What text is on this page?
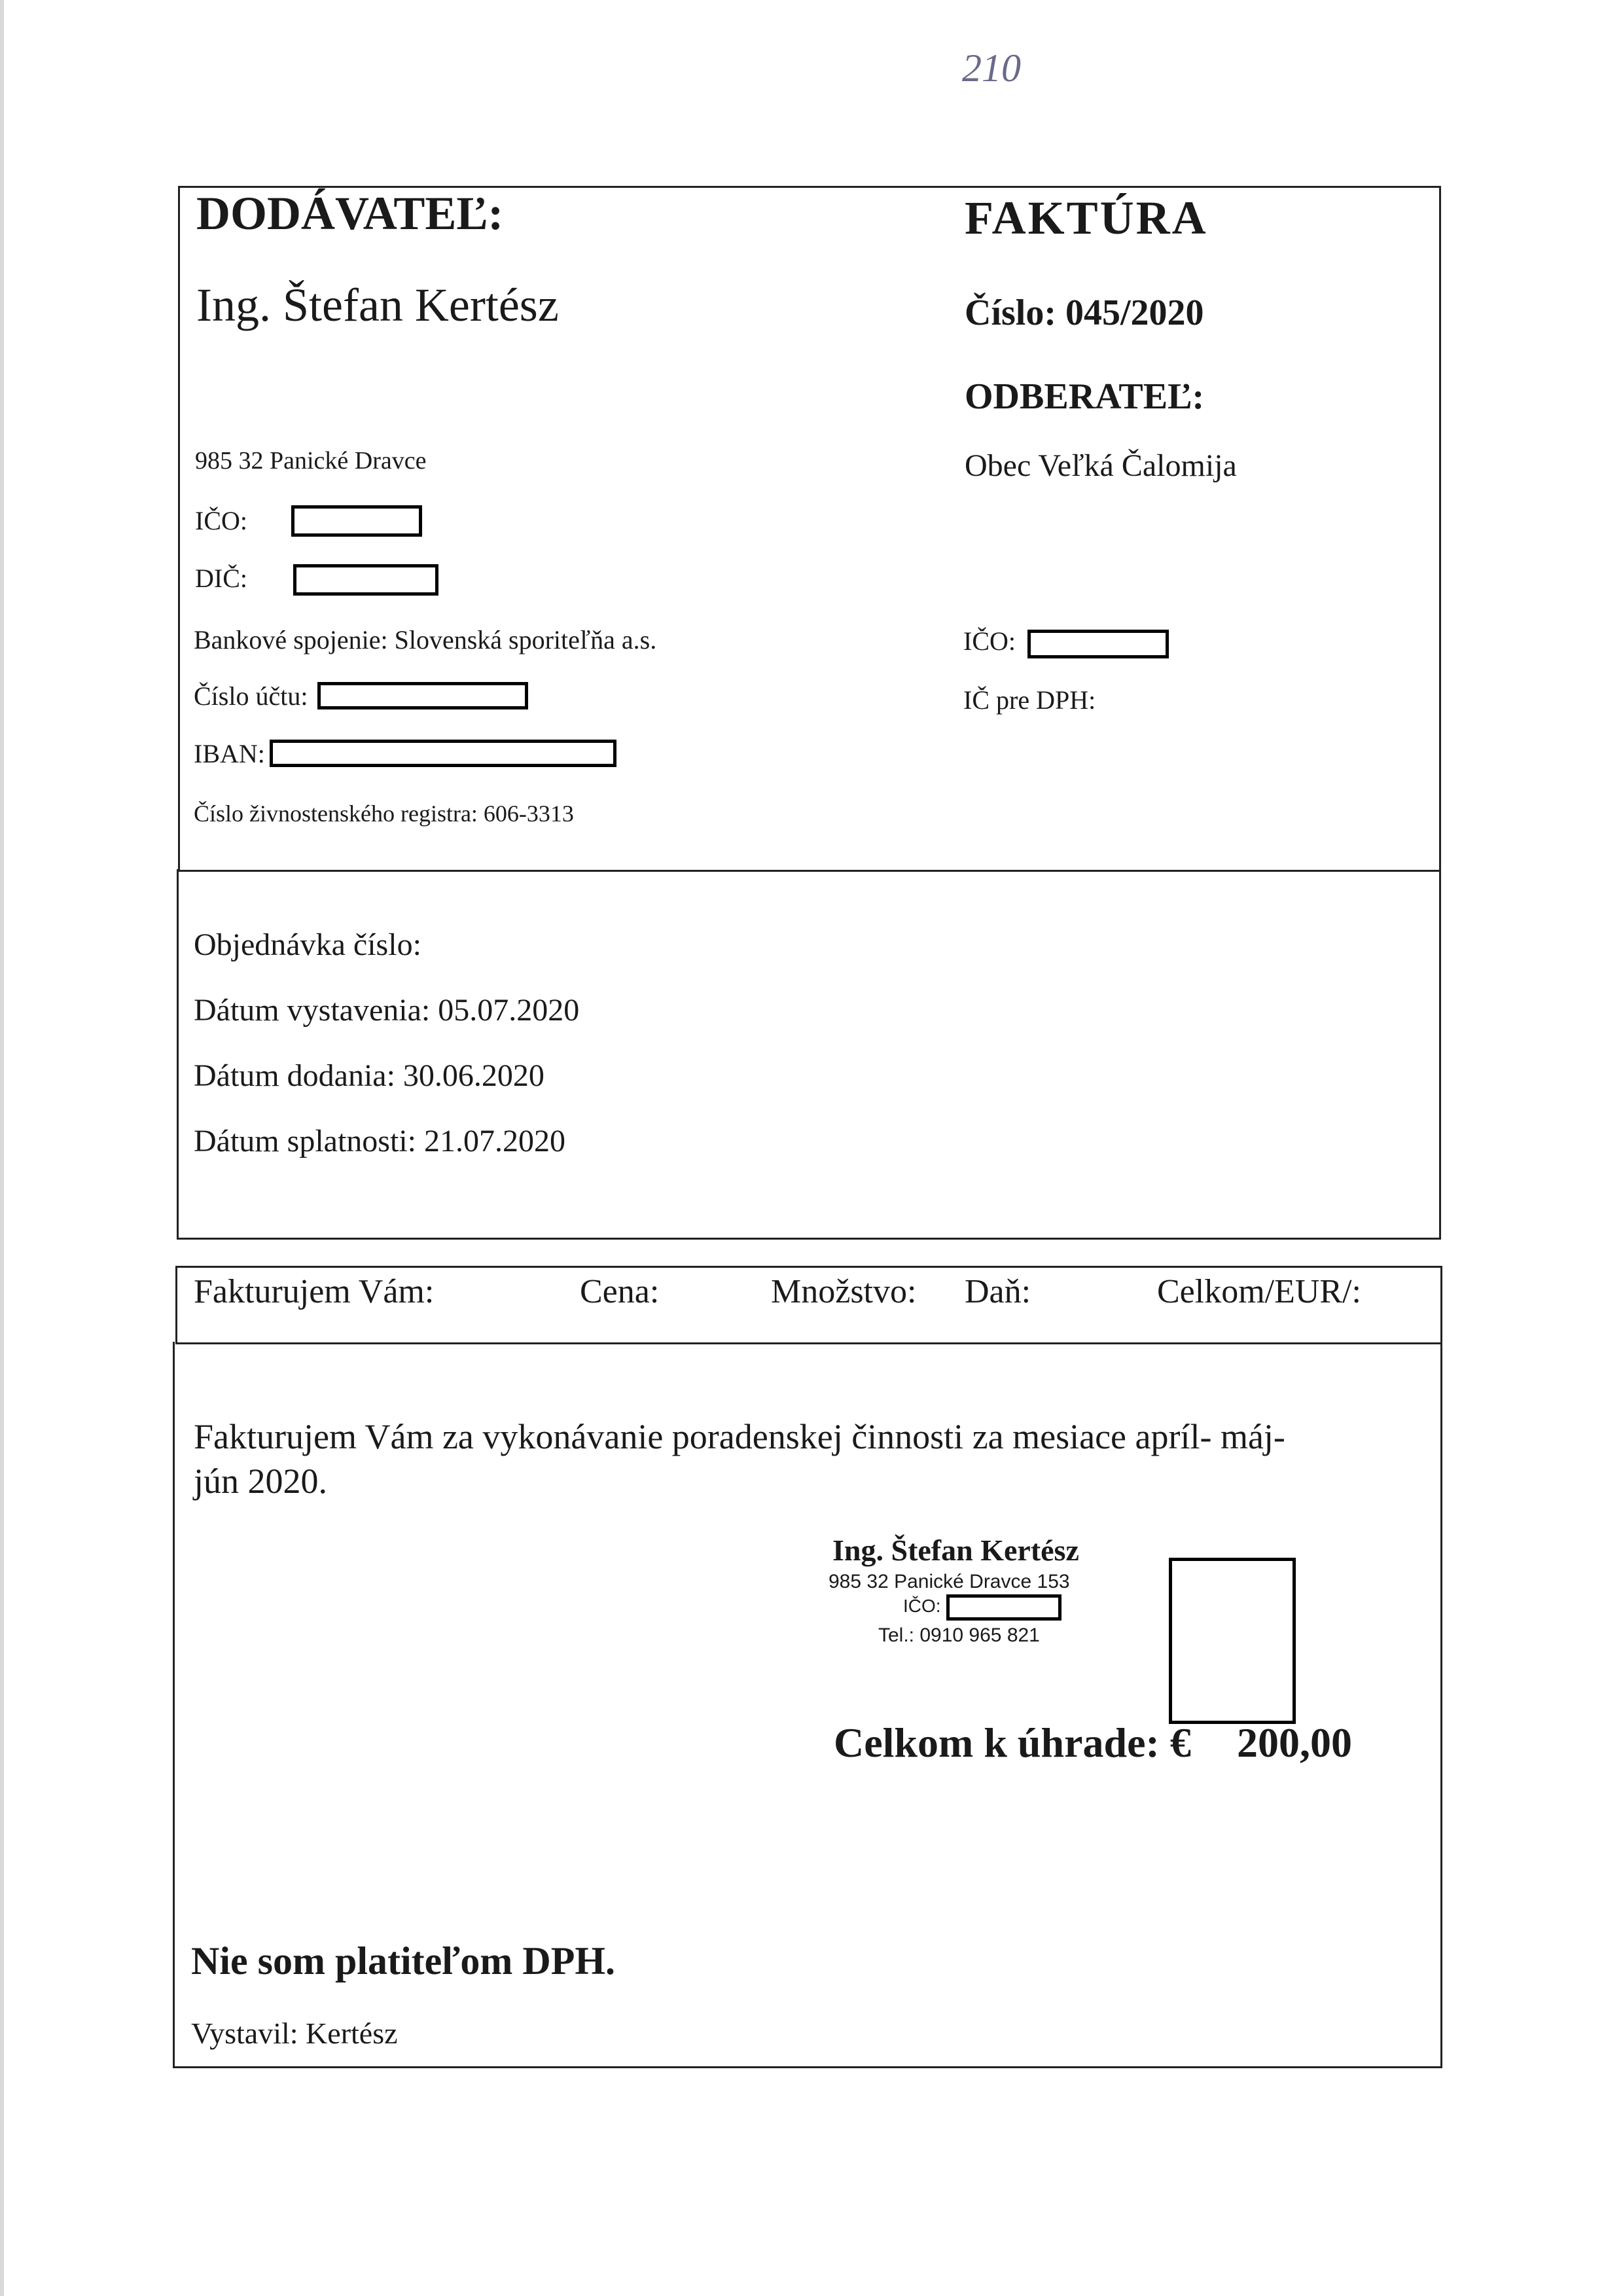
210
DODÁVATEĽ:
Ing. Štefan Kertész
985 32 Panické Dravce
IČO:
DIČ:
Bankové spojenie: Slovenská sporiteľňa a.s.
Číslo účtu:
IBAN:
Číslo živnostenského registra: 606-3313
FAKTÚRA
Číslo: 045/2020
ODBERATEĽ:
Obec Veľká Čalomija
IČO:
IČ pre DPH:
Objednávka číslo:
Dátum vystavenia: 05.07.2020
Dátum dodania: 30.06.2020
Dátum splatnosti: 21.07.2020
Fakturujem Vám:	Cena:	Množstvo: Daň:	Celkom/EUR/:
Fakturujem Vám za vykonávanie poradenskej činnosti za mesiace apríl- máj-
jún 2020.
Ing. Štefan Kertész
985 32 Panické Dravce 153
IČO:
Tel.: 0910 965 821
Celkom k úhrade: € 200,00
Nie som platiteľom DPH.
Vystavil: Kertész
